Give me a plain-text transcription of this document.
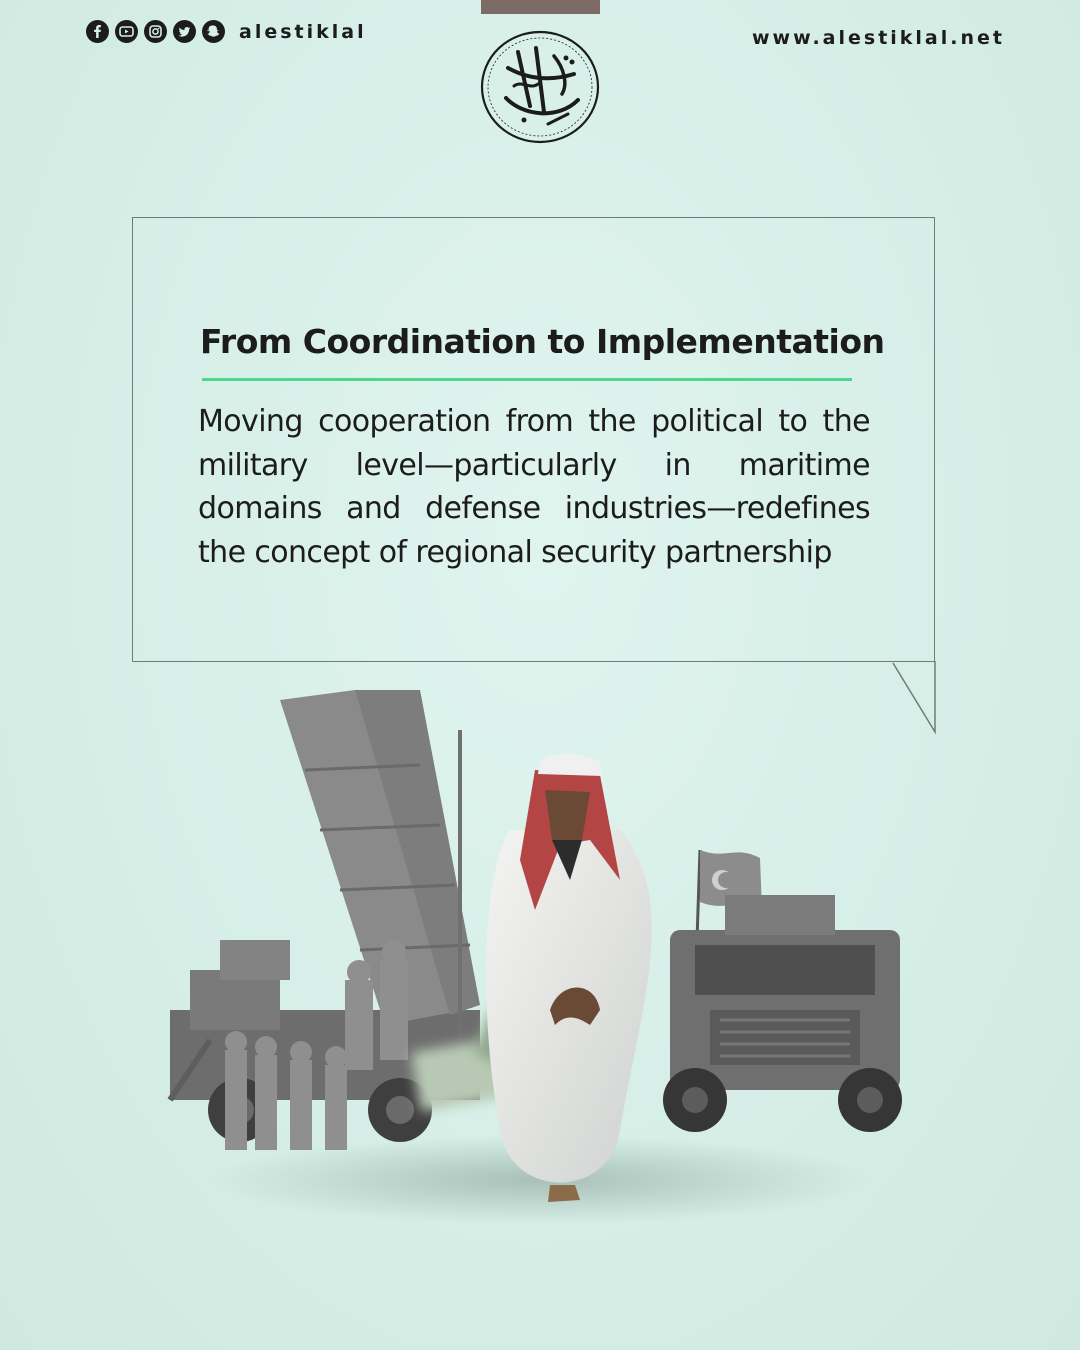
alestiklal	www.alestiklal.net
From Coordination to Implementation
Moving cooperation from the political to the military level—particularly in maritime domains and defense industries—redefines the concept of regional security partnership
